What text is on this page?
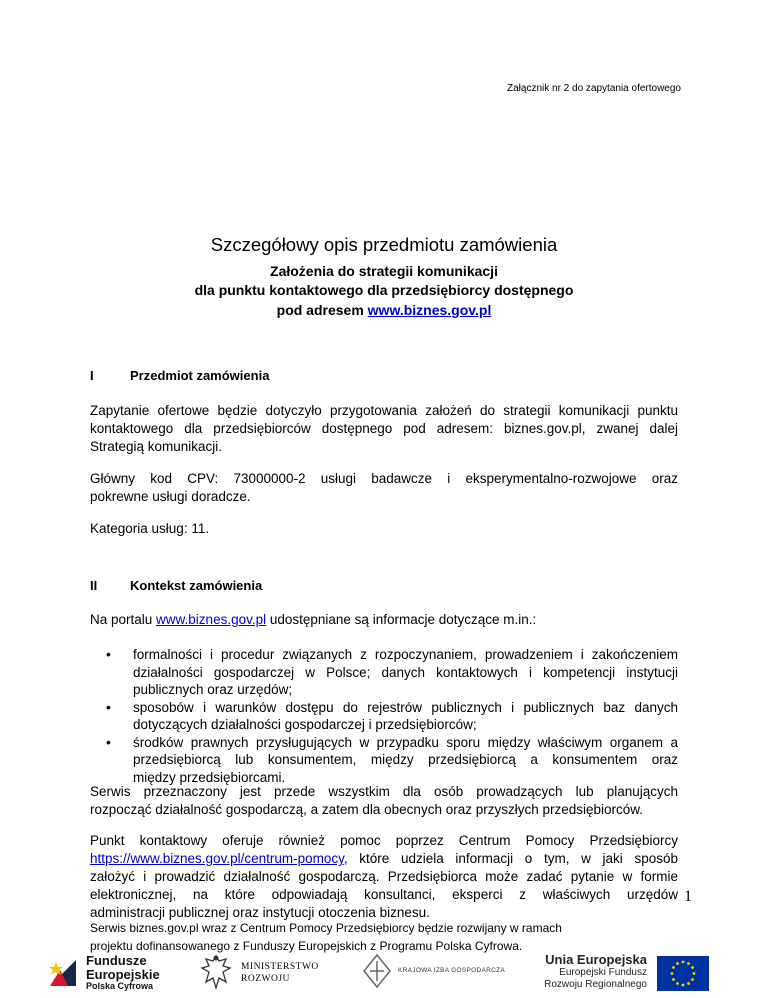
Załącznik nr 2 do zapytania ofertowego
Szczegółowy opis przedmiotu zamówienia
Założenia do strategii komunikacji
dla punktu kontaktowego dla przedsiębiorcy dostępnego
pod adresem www.biznes.gov.pl
I	Przedmiot zamówienia
Zapytanie ofertowe będzie dotyczyło przygotowania założeń do strategii komunikacji punktu
kontaktowego dla przedsiębiorców dostępnego pod adresem: biznes.gov.pl, zwanej dalej
Strategią komunikacji.
Główny kod CPV: 73000000-2 usługi badawcze i eksperymentalno-rozwojowe oraz
pokrewne usługi doradcze.
Kategoria usług: 11.
II	Kontekst zamówienia
Na portalu www.biznes.gov.pl udostępniane są informacje dotyczące m.in.:
• formalności i procedur związanych z rozpoczynaniem, prowadzeniem i zakończeniem
działalności gospodarczej w Polsce; danych kontaktowych i kompetencji instytucji
publicznych oraz urzędów;
• sposobów i warunków dostępu do rejestrów publicznych i publicznych baz danych
dotyczących działalności gospodarczej i przedsiębiorców;
• środków prawnych przysługujących w przypadku sporu między właściwym organem a
przedsiębiorcą lub konsumentem, między przedsiębiorcą a konsumentem oraz
między przedsiębiorcami.
Serwis przeznaczony jest przede wszystkim dla osób prowadzących lub planujących
rozpocząć działalność gospodarczą, a zatem dla obecnych oraz przyszłych przedsiębiorców.
Punkt kontaktowy oferuje również pomoc poprzez Centrum Pomocy Przedsiębiorcy
https://www.biznes.gov.pl/centrum-pomocy, które udziela informacji o tym, w jaki sposób
założyć i prowadzić działalność gospodarczą. Przedsiębiorca może zadać pytanie w formie
elektronicznej, na które odpowiadają konsultanci, eksperci z właściwych urzędów
administracji publicznej oraz instytucji otoczenia biznesu.
Serwis biznes.gov.pl wraz z Centrum Pomocy Przedsiębiorcy będzie rozwijany w ramach
projektu dofinansowanego z Funduszy Europejskich z Programu Polska Cyfrowa.
1
Fundusze
Europejskie
Polska Cyfrowa
MINISTERSTWO
ROZWOJU
KRAJOWA IZBA GOSPODARCZA
Unia Europejska
Europejski Fundusz
Rozwoju Regionalnego
